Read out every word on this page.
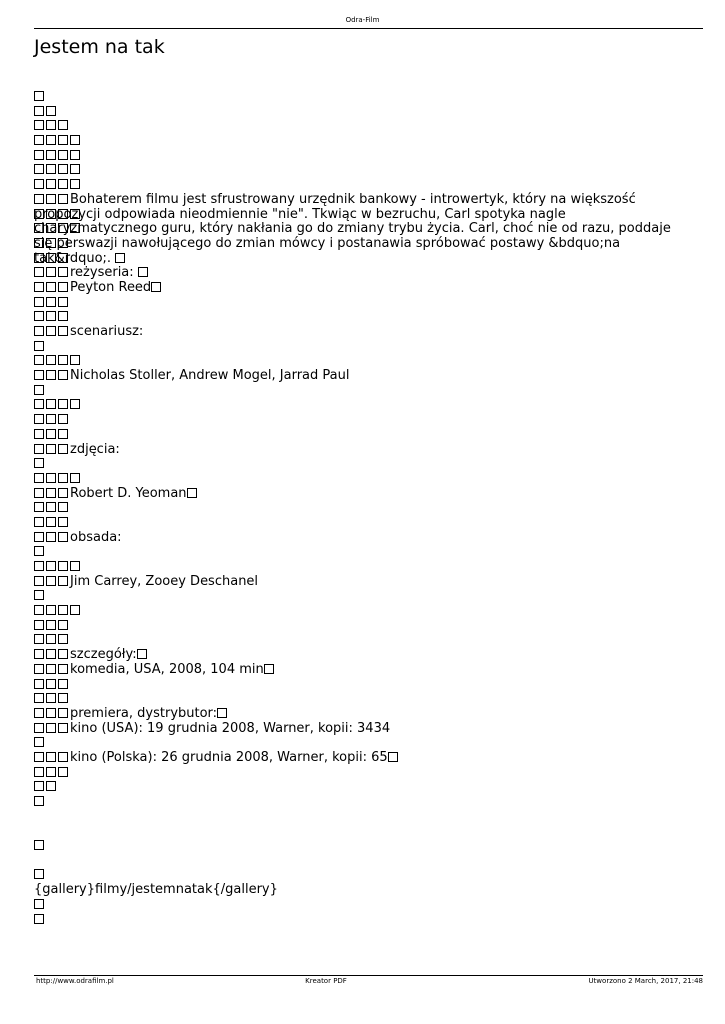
Odra-Film
Jestem na tak
Bohaterem filmu jest sfrustrowany urzędnik bankowy - introwertyk, który na większość propozycji odpowiada nieodmiennie "nie". Tkwiąc w bezruchu, Carl spotyka nagle charyzmatycznego guru, który nakłania go do zmiany trybu życia. Carl, choć nie od razu, poddaje się perswazji nawołującego do zmian mówcy i postanawia spróbować postawy &bdquo;na tak&rdquo;.
reżyseria:
Peyton Reed
scenariusz:
Nicholas Stoller, Andrew Mogel, Jarrad Paul
zdjęcia:
Robert D. Yeoman
obsada:
Jim Carrey, Zooey Deschanel
szczegóły:
komedia, USA, 2008, 104 min
premiera, dystrybutor:
kino (USA): 19 grudnia 2008, Warner, kopii: 3434
kino (Polska): 26 grudnia 2008, Warner, kopii: 65
{gallery}filmy/jestemnatak{/gallery}
http://www.odrafilm.pl	Kreator PDF	Utworzono 2 March, 2017, 21:48
